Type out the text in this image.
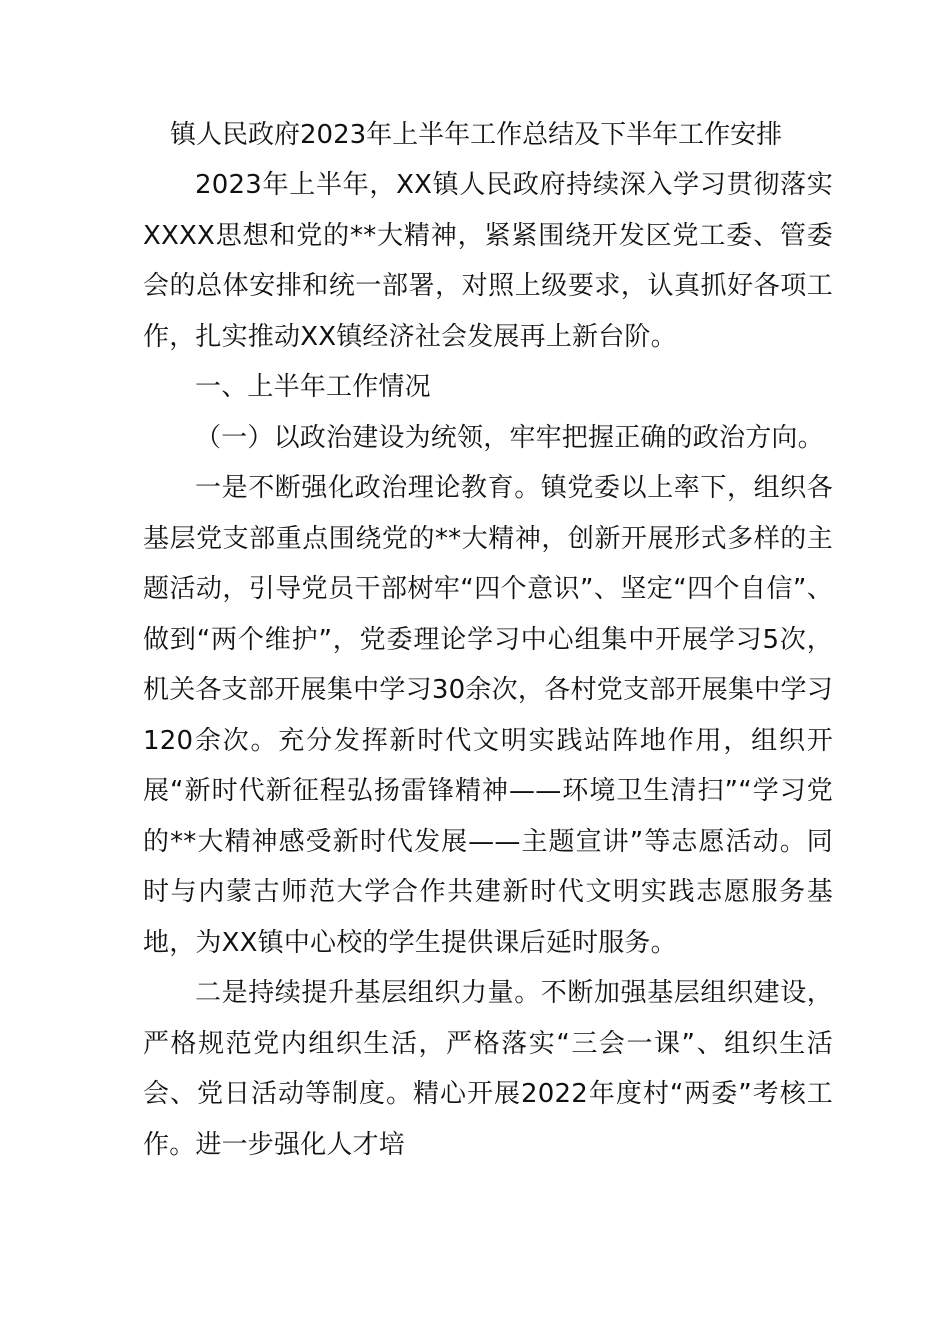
镇人民政府2023年上半年工作总结及下半年工作安排

2023年上半年，XX镇人民政府持续深入学习贯彻落实XXXX思想和党的**大精神，紧紧围绕开发区党工委、管委会的总体安排和统一部署，对照上级要求，认真抓好各项工作，扎实推动XX镇经济社会发展再上新台阶。

一、上半年工作情况

（一）以政治建设为统领，牢牢把握正确的政治方向。

一是不断强化政治理论教育。镇党委以上率下，组织各基层党支部重点围绕党的**大精神，创新开展形式多样的主题活动，引导党员干部树牢“四个意识”、坚定“四个自信”、做到“两个维护”，党委理论学习中心组集中开展学习5次，机关各支部开展集中学习30余次，各村党支部开展集中学习120余次。充分发挥新时代文明实践站阵地作用，组织开展“新时代新征程弘扬雷锋精神——环境卫生清扫”“学习党的**大精神感受新时代发展——主题宣讲”等志愿活动。同时与内蒙古师范大学合作共建新时代文明实践志愿服务基地，为XX镇中心校的学生提供课后延时服务。

二是持续提升基层组织力量。不断加强基层组织建设，严格规范党内组织生活，严格落实“三会一课”、组织生活会、党日活动等制度。精心开展2022年度村“两委”考核工作。进一步强化人才培
